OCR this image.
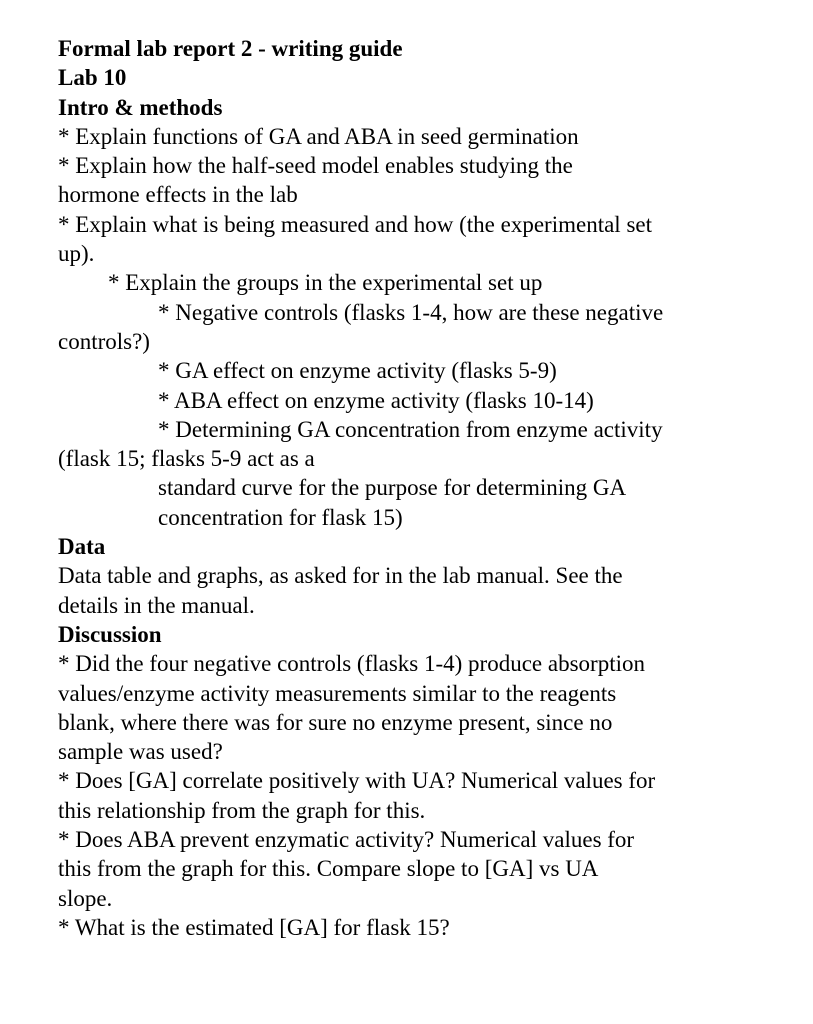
Formal lab report 2 - writing guide
Lab 10
Intro & methods
* Explain functions of GA and ABA in seed germination
* Explain how the half-seed model enables studying the
hormone effects in the lab
* Explain what is being measured and how (the experimental set
up).
* Explain the groups in the experimental set up
* Negative controls (flasks 1-4, how are these negative
controls?)
* GA effect on enzyme activity (flasks 5-9)
* ABA effect on enzyme activity (flasks 10-14)
* Determining GA concentration from enzyme activity
(flask 15; flasks 5-9 act as a
standard curve for the purpose for determining GA
concentration for flask 15)
Data
Data table and graphs, as asked for in the lab manual. See the
details in the manual.
Discussion
* Did the four negative controls (flasks 1-4) produce absorption
values/enzyme activity measurements similar to the reagents
blank, where there was for sure no enzyme present, since no
sample was used?
* Does [GA] correlate positively with UA? Numerical values for
this relationship from the graph for this.
* Does ABA prevent enzymatic activity? Numerical values for
this from the graph for this. Compare slope to [GA] vs UA
slope.
* What is the estimated [GA] for flask 15?
